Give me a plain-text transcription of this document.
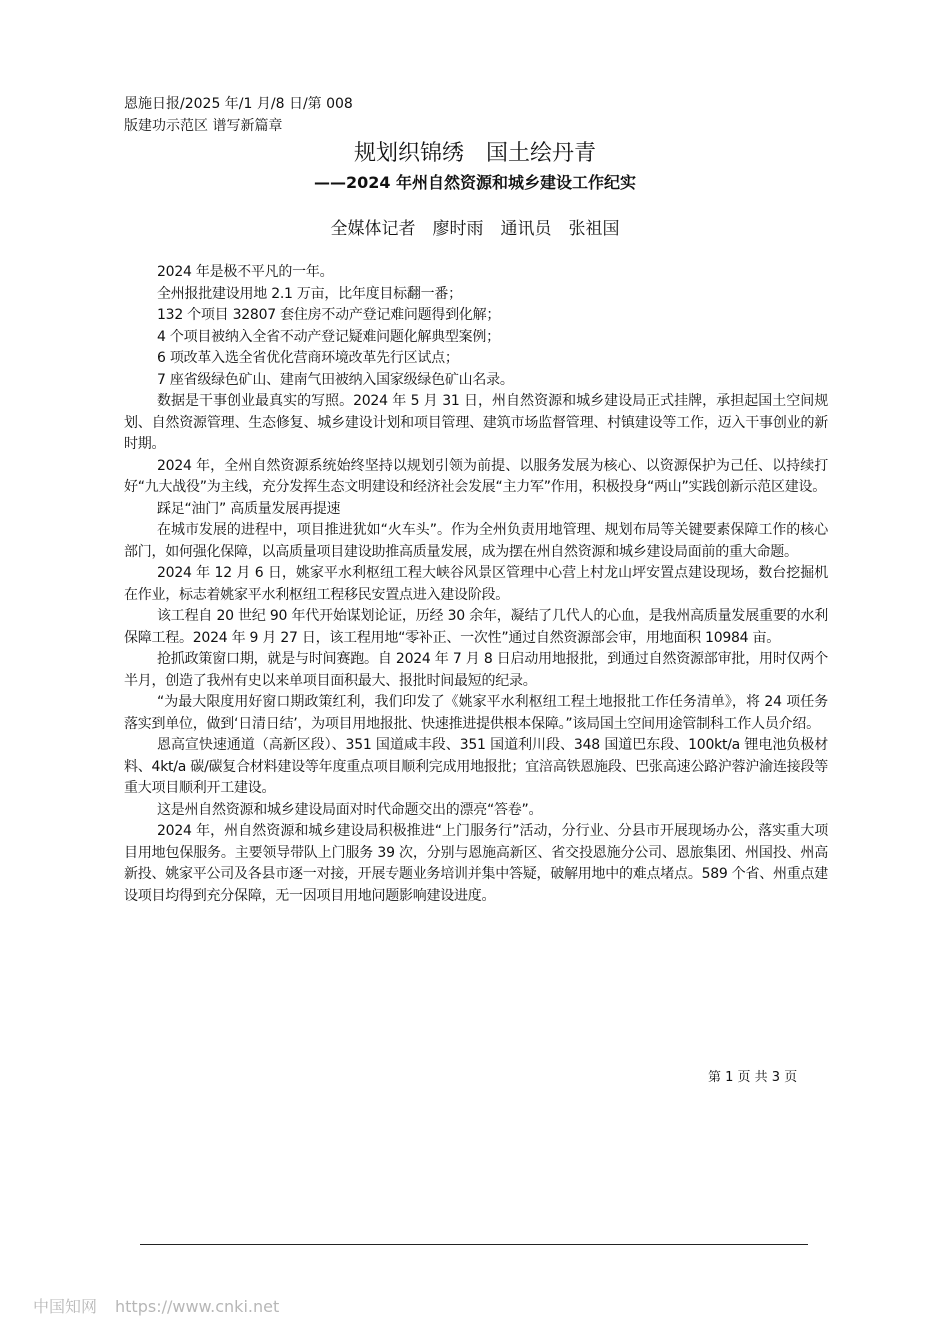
恩施日报/2025 年/1 月/8 日/第 008
版建功示范区 谱写新篇章
规划织锦绣　国土绘丹青
——2024 年州自然资源和城乡建设工作纪实
全媒体记者　廖时雨　通讯员　张祖国

2024 年是极不平凡的一年。

全州报批建设用地 2.1 万亩，比年度目标翻一番；

132 个项目 32807 套住房不动产登记难问题得到化解；

4 个项目被纳入全省不动产登记疑难问题化解典型案例；

6 项改革入选全省优化营商环境改革先行区试点；

7 座省级绿色矿山、建南气田被纳入国家级绿色矿山名录。

数据是干事创业最真实的写照。2024 年 5 月 31 日，州自然资源和城乡建设局正式挂牌，承担起国土空间规划、自然资源管理、生态修复、城乡建设计划和项目管理、建筑市场监督管理、村镇建设等工作，迈入干事创业的新时期。

2024 年，全州自然资源系统始终坚持以规划引领为前提、以服务发展为核心、以资源保护为己任、以持续打好“九大战役”为主线，充分发挥生态文明建设和经济社会发展“主力军”作用，积极投身“两山”实践创新示范区建设。

踩足“油门” 高质量发展再提速

在城市发展的进程中，项目推进犹如“火车头”。作为全州负责用地管理、规划布局等关键要素保障工作的核心部门，如何强化保障，以高质量项目建设助推高质量发展，成为摆在州自然资源和城乡建设局面前的重大命题。

2024 年 12 月 6 日，姚家平水利枢纽工程大峡谷风景区管理中心营上村龙山坪安置点建设现场，数台挖掘机在作业，标志着姚家平水利枢纽工程移民安置点进入建设阶段。

该工程自 20 世纪 90 年代开始谋划论证，历经 30 余年，凝结了几代人的心血，是我州高质量发展重要的水利保障工程。2024 年 9 月 27 日，该工程用地“零补正、一次性”通过自然资源部会审，用地面积 10984 亩。

抢抓政策窗口期，就是与时间赛跑。自 2024 年 7 月 8 日启动用地报批，到通过自然资源部审批，用时仅两个半月，创造了我州有史以来单项目面积最大、报批时间最短的纪录。

“为最大限度用好窗口期政策红利，我们印发了《姚家平水利枢纽工程土地报批工作任务清单》，将 24 项任务落实到单位，做到‘日清日结’，为项目用地报批、快速推进提供根本保障。”该局国土空间用途管制科工作人员介绍。

恩高宣快速通道（高新区段）、351 国道咸丰段、351 国道利川段、348 国道巴东段、100kt/a 锂电池负极材料、4kt/a 碳/碳复合材料建设等年度重点项目顺利完成用地报批；宜涪高铁恩施段、巴张高速公路沪蓉沪渝连接段等重大项目顺利开工建设。

这是州自然资源和城乡建设局面对时代命题交出的漂亮“答卷”。

2024 年，州自然资源和城乡建设局积极推进“上门服务行”活动，分行业、分县市开展现场办公，落实重大项目用地包保服务。主要领导带队上门服务 39 次，分别与恩施高新区、省交投恩施分公司、恩旅集团、州国投、州高新投、姚家平公司及各县市逐一对接，开展专题业务培训并集中答疑，破解用地中的难点堵点。589 个省、州重点建设项目均得到充分保障，无一因项目用地问题影响建设进度。

第 1 页 共 3 页
中国知网 https://www.cnki.net
